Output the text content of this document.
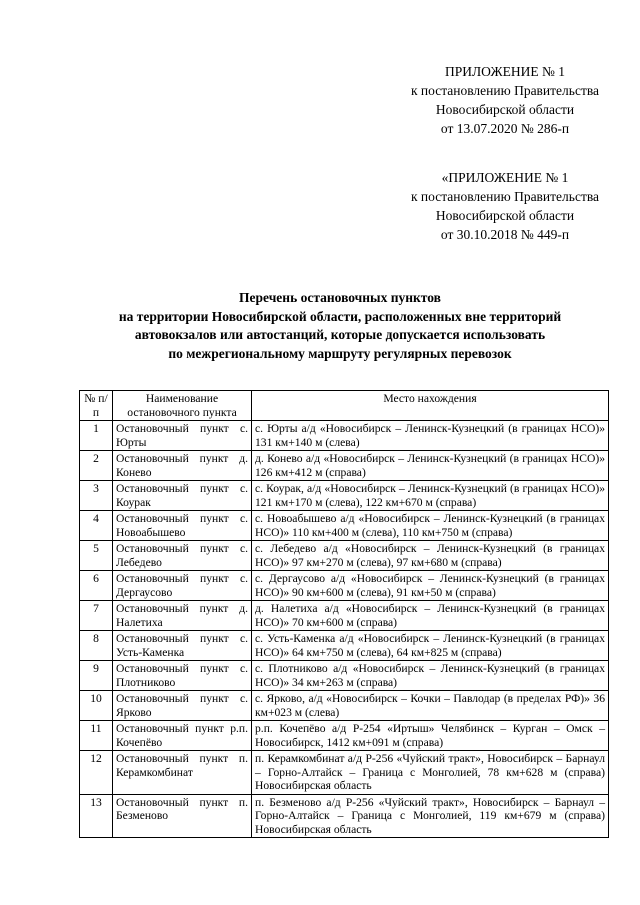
ПРИЛОЖЕНИЕ № 1
к постановлению Правительства
Новосибирской области
от 13.07.2020 № 286-п
«ПРИЛОЖЕНИЕ № 1
к постановлению Правительства
Новосибирской области
от 30.10.2018 № 449-п
Перечень остановочных пунктов
на территории Новосибирской области, расположенных вне территорий
автовокзалов или автостанций, которые допускается использовать
по межрегиональному маршруту регулярных перевозок
№ п/п	Наименование остановочного пункта	Место нахождения
1	Остановочный пункт с. Юрты	с. Юрты а/д «Новосибирск – Ленинск-Кузнецкий (в границах НСО)» 131 км+140 м (слева)
2	Остановочный пункт д. Конево	д. Конево а/д «Новосибирск – Ленинск-Кузнецкий (в границах НСО)» 126 км+412 м (справа)
3	Остановочный пункт с. Коурак	с. Коурак, а/д «Новосибирск – Ленинск-Кузнецкий (в границах НСО)» 121 км+170 м (слева), 122 км+670 м (справа)
4	Остановочный пункт с. Новоабышево	с. Новоабышево а/д «Новосибирск – Ленинск-Кузнецкий (в границах НСО)» 110 км+400 м (слева), 110 км+750 м (справа)
5	Остановочный пункт с. Лебедево	с. Лебедево а/д «Новосибирск – Ленинск-Кузнецкий (в границах НСО)» 97 км+270 м (слева), 97 км+680 м (справа)
6	Остановочный пункт с. Дергаусово	с. Дергаусово а/д «Новосибирск – Ленинск-Кузнецкий (в границах НСО)» 90 км+600 м (слева), 91 км+50 м (справа)
7	Остановочный пункт д. Налетиха	д. Налетиха а/д «Новосибирск – Ленинск-Кузнецкий (в границах НСО)» 70 км+600 м (справа)
8	Остановочный пункт с. Усть-Каменка	с. Усть-Каменка а/д «Новосибирск – Ленинск-Кузнецкий (в границах НСО)» 64 км+750 м (слева), 64 км+825 м (справа)
9	Остановочный пункт с. Плотниково	с. Плотниково а/д «Новосибирск – Ленинск-Кузнецкий (в границах НСО)» 34 км+263 м (справа)
10	Остановочный пункт с. Ярково	с. Ярково, а/д «Новосибирск – Кочки – Павлодар (в пределах РФ)» 36 км+023 м (слева)
11	Остановочный пункт р.п. Кочепёво	р.п. Кочепёво а/д Р-254 «Иртыш» Челябинск – Курган – Омск – Новосибирск, 1412 км+091 м (справа)
12	Остановочный пункт п. Керамкомбинат	п. Керамкомбинат а/д Р-256 «Чуйский тракт», Новосибирск – Барнаул – Горно-Алтайск – Граница с Монголией, 78 км+628 м (справа) Новосибирская область
13	Остановочный пункт п. Безменово	п. Безменово а/д Р-256 «Чуйский тракт», Новосибирск – Барнаул – Горно-Алтайск – Граница с Монголией, 119 км+679 м (справа) Новосибирская область
